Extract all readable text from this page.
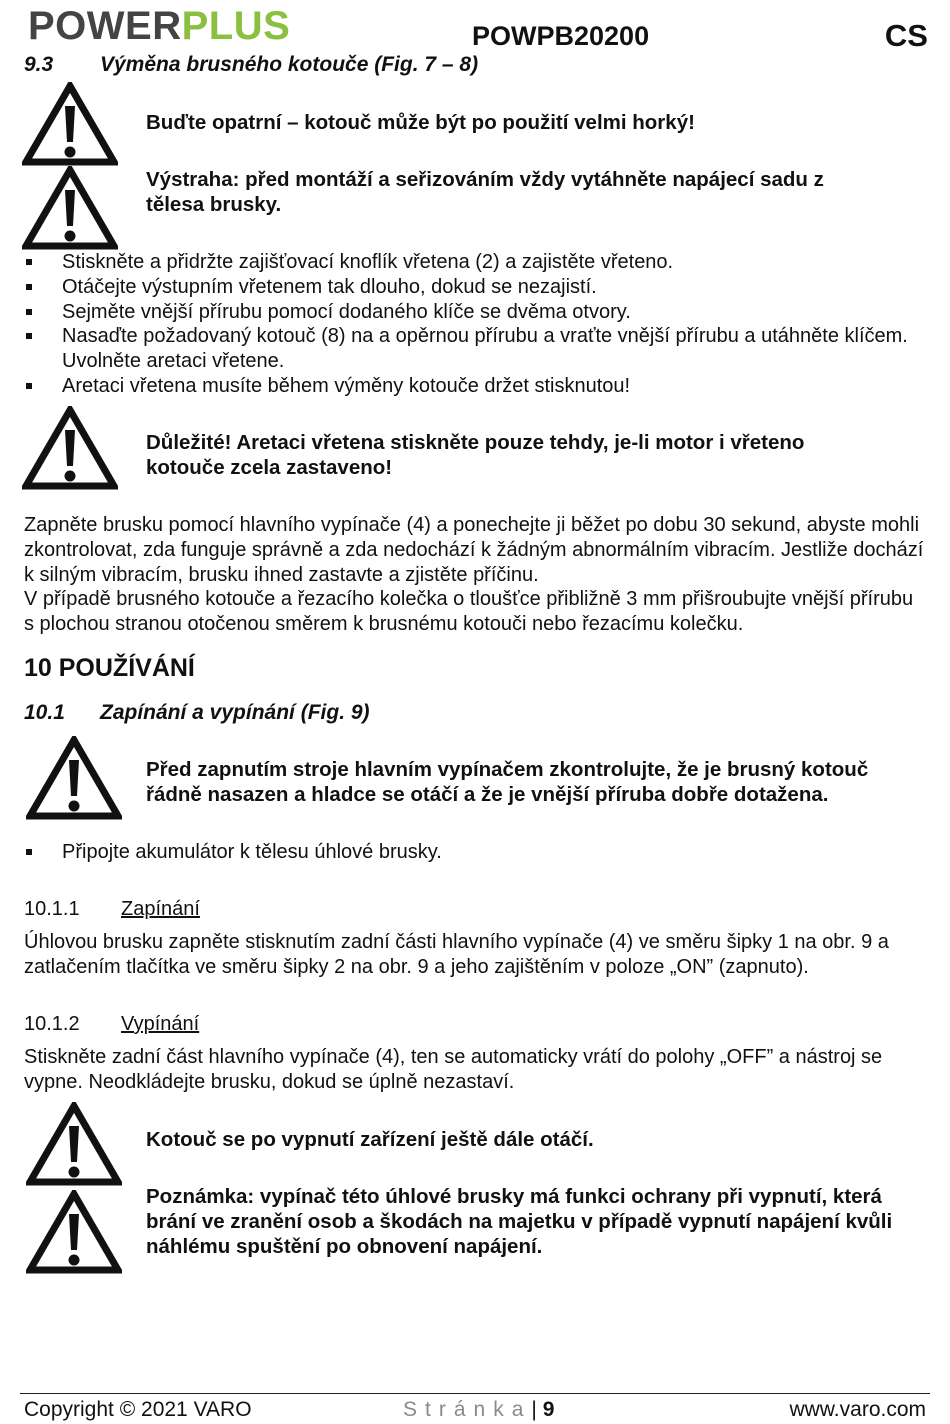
POWERPLUS	POWPB20200	CS
9.3 Výměna brusného kotouče (Fig. 7 – 8)
Buďte opatrní – kotouč může být po použití velmi horký!
Výstraha: před montáží a seřizováním vždy vytáhněte napájecí sadu z tělesa brusky.
Stiskněte a přidržte zajišťovací knoflík vřetena (2) a zajistěte vřeteno.
Otáčejte výstupním vřetenem tak dlouho, dokud se nezajistí.
Sejměte vnější přírubu pomocí dodaného klíče se dvěma otvory.
Nasaďte požadovaný kotouč (8) na a opěrnou přírubu a vraťte vnější přírubu a utáhněte klíčem. Uvolněte aretaci vřetene.
Aretaci vřetena musíte během výměny kotouče držet stisknutou!
Důležité! Aretaci vřetena stiskněte pouze tehdy, je-li motor i vřeteno kotouče zcela zastaveno!
Zapněte brusku pomocí hlavního vypínače (4) a ponechejte ji běžet po dobu 30 sekund, abyste mohli zkontrolovat, zda funguje správně a zda nedochází k žádným abnormálním vibracím. Jestliže dochází k silným vibracím, brusku ihned zastavte a zjistěte příčinu.
V případě brusného kotouče a řezacího kolečka o tloušťce přibližně 3 mm přišroubujte vnější přírubu s plochou stranou otočenou směrem k brusnému kotouči nebo řezacímu kolečku.
10 POUŽÍVÁNÍ
10.1 Zapínání a vypínání (Fig. 9)
Před zapnutím stroje hlavním vypínačem zkontrolujte, že je brusný kotouč řádně nasazen a hladce se otáčí a že je vnější příruba dobře dotažena.
Připojte akumulátor k tělesu úhlové brusky.
10.1.1 Zapínání
Úhlovou brusku zapněte stisknutím zadní části hlavního vypínače (4) ve směru šipky 1 na obr. 9 a zatlačením tlačítka ve směru šipky 2 na obr. 9 a jeho zajištěním v poloze „ON” (zapnuto).
10.1.2 Vypínání
Stiskněte zadní část hlavního vypínače (4), ten se automaticky vrátí do polohy „OFF” a nástroj se vypne. Neodkládejte brusku, dokud se úplně nezastaví.
Kotouč se po vypnutí zařízení ještě dále otáčí.
Poznámka: vypínač této úhlové brusky má funkci ochrany při vypnutí, která brání ve zranění osob a škodách na majetku v případě vypnutí napájení kvůli náhlému spuštění po obnovení napájení.
Copyright © 2021 VARO	Stránka| 9	www.varo.com
